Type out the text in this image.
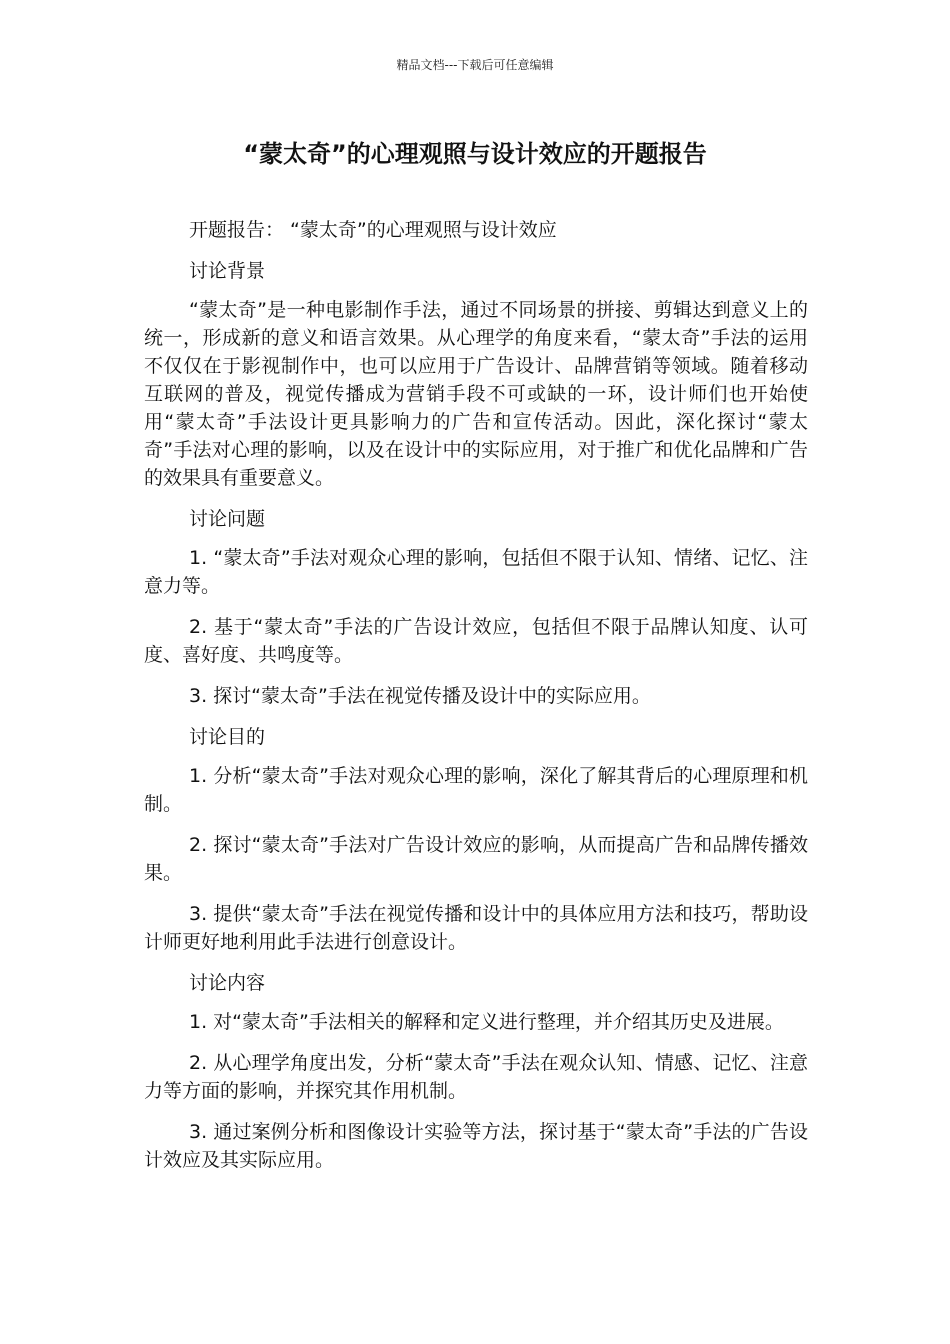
精品文档---下载后可任意编辑
“蒙太奇”的心理观照与设计效应的开题报告

开题报告： “蒙太奇”的心理观照与设计效应

讨论背景

“蒙太奇”是一种电影制作手法，通过不同场景的拼接、剪辑达到意义上的统一，形成新的意义和语言效果。从心理学的角度来看，“蒙太奇”手法的运用不仅仅在于影视制作中，也可以应用于广告设计、品牌营销等领域。随着移动互联网的普及，视觉传播成为营销手段不可或缺的一环，设计师们也开始使用“蒙太奇”手法设计更具影响力的广告和宣传活动。因此，深化探讨“蒙太奇”手法对心理的影响，以及在设计中的实际应用，对于推广和优化品牌和广告的效果具有重要意义。

讨论问题

1. “蒙太奇”手法对观众心理的影响，包括但不限于认知、情绪、记忆、注意力等。

2. 基于“蒙太奇”手法的广告设计效应，包括但不限于品牌认知度、认可度、喜好度、共鸣度等。

3. 探讨“蒙太奇”手法在视觉传播及设计中的实际应用。

讨论目的

1. 分析“蒙太奇”手法对观众心理的影响，深化了解其背后的心理原理和机制。

2. 探讨“蒙太奇”手法对广告设计效应的影响，从而提高广告和品牌传播效果。

3. 提供“蒙太奇”手法在视觉传播和设计中的具体应用方法和技巧，帮助设计师更好地利用此手法进行创意设计。

讨论内容

1. 对“蒙太奇”手法相关的解释和定义进行整理，并介绍其历史及进展。

2. 从心理学角度出发，分析“蒙太奇”手法在观众认知、情感、记忆、注意力等方面的影响，并探究其作用机制。

3. 通过案例分析和图像设计实验等方法，探讨基于“蒙太奇”手法的广告设计效应及其实际应用。
